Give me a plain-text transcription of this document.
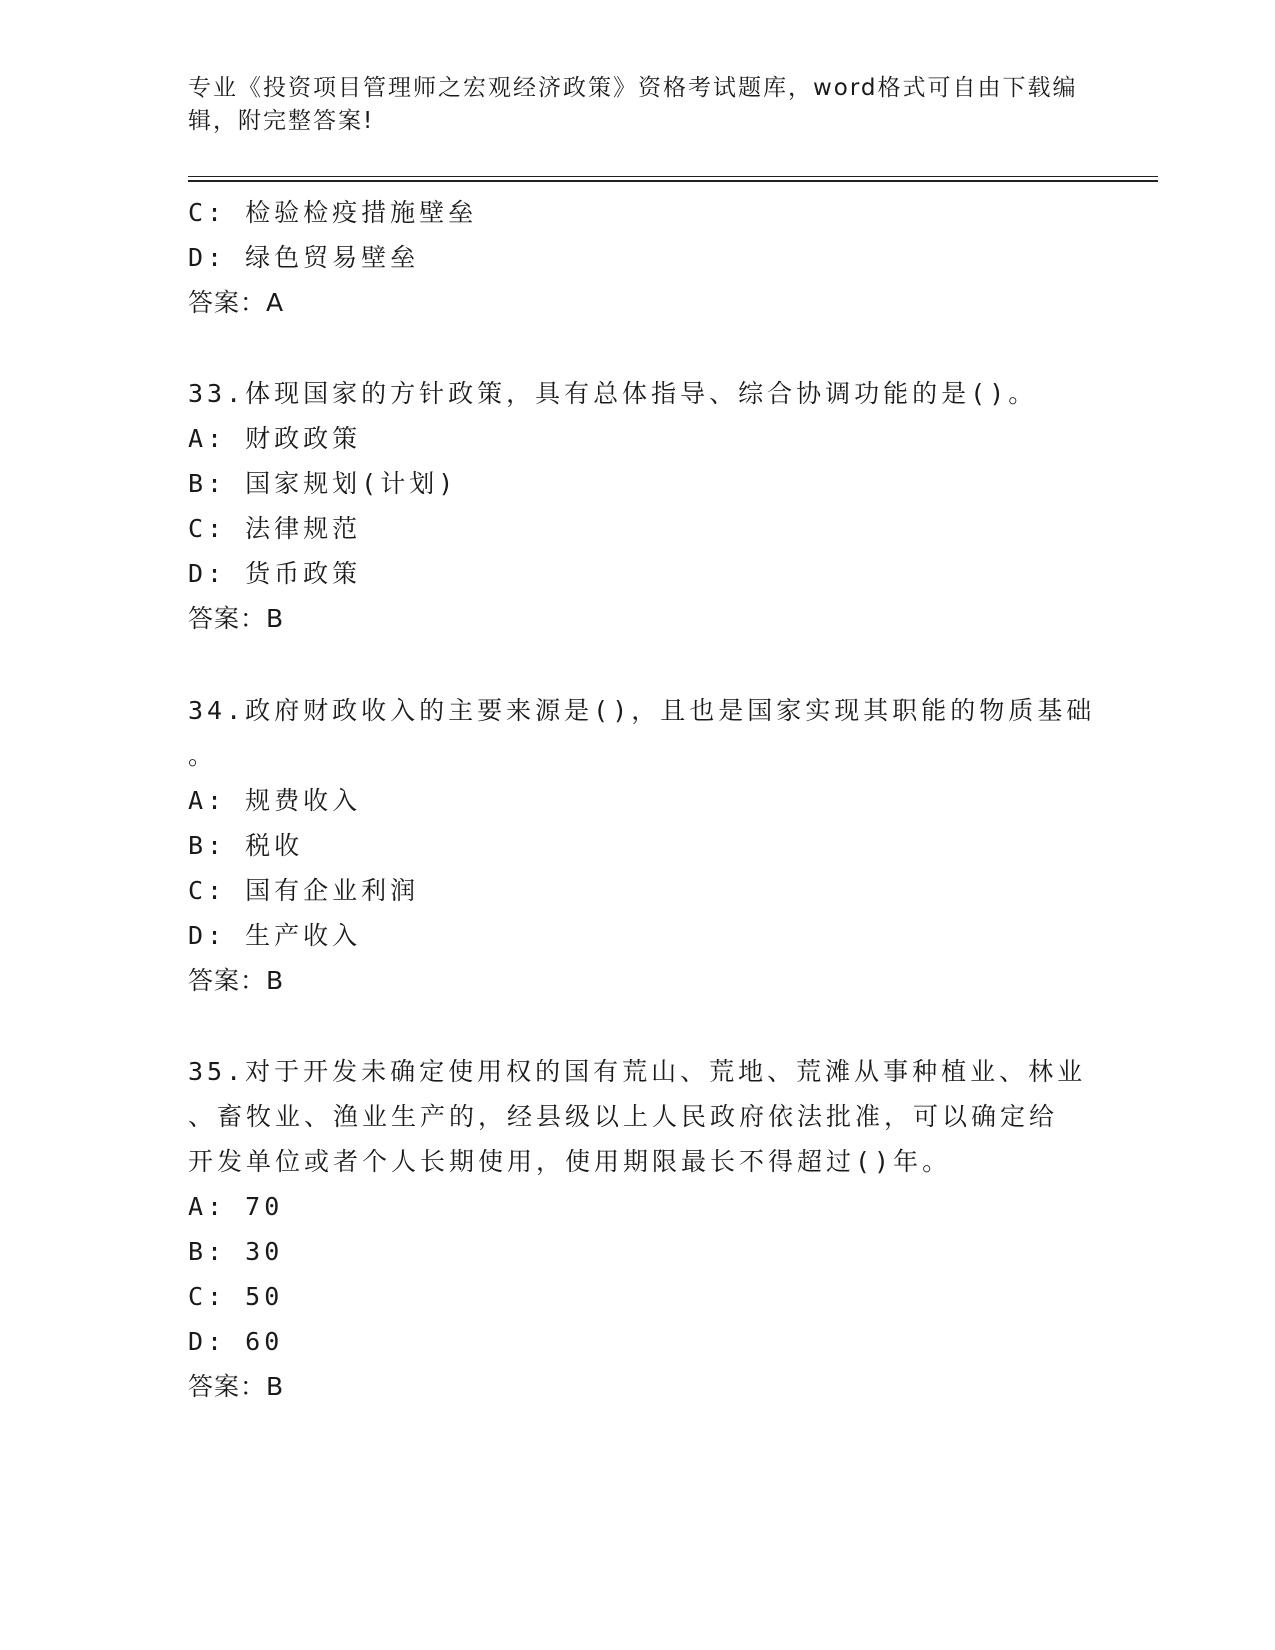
专业《投资项目管理师之宏观经济政策》资格考试题库，word格式可自由下载编
辑，附完整答案!
C: 检验检疫措施壁垒
D: 绿色贸易壁垒
答案：A
33.体现国家的方针政策，具有总体指导、综合协调功能的是()。
A: 财政政策
B: 国家规划(计划)
C: 法律规范
D: 货币政策
答案：B
34.政府财政收入的主要来源是()，且也是国家实现其职能的物质基础
。
A: 规费收入
B: 税收
C: 国有企业利润
D: 生产收入
答案：B
35.对于开发未确定使用权的国有荒山、荒地、荒滩从事种植业、林业
、畜牧业、渔业生产的，经县级以上人民政府依法批准，可以确定给
开发单位或者个人长期使用，使用期限最长不得超过()年。
A: 70
B: 30
C: 50
D: 60
答案：B
